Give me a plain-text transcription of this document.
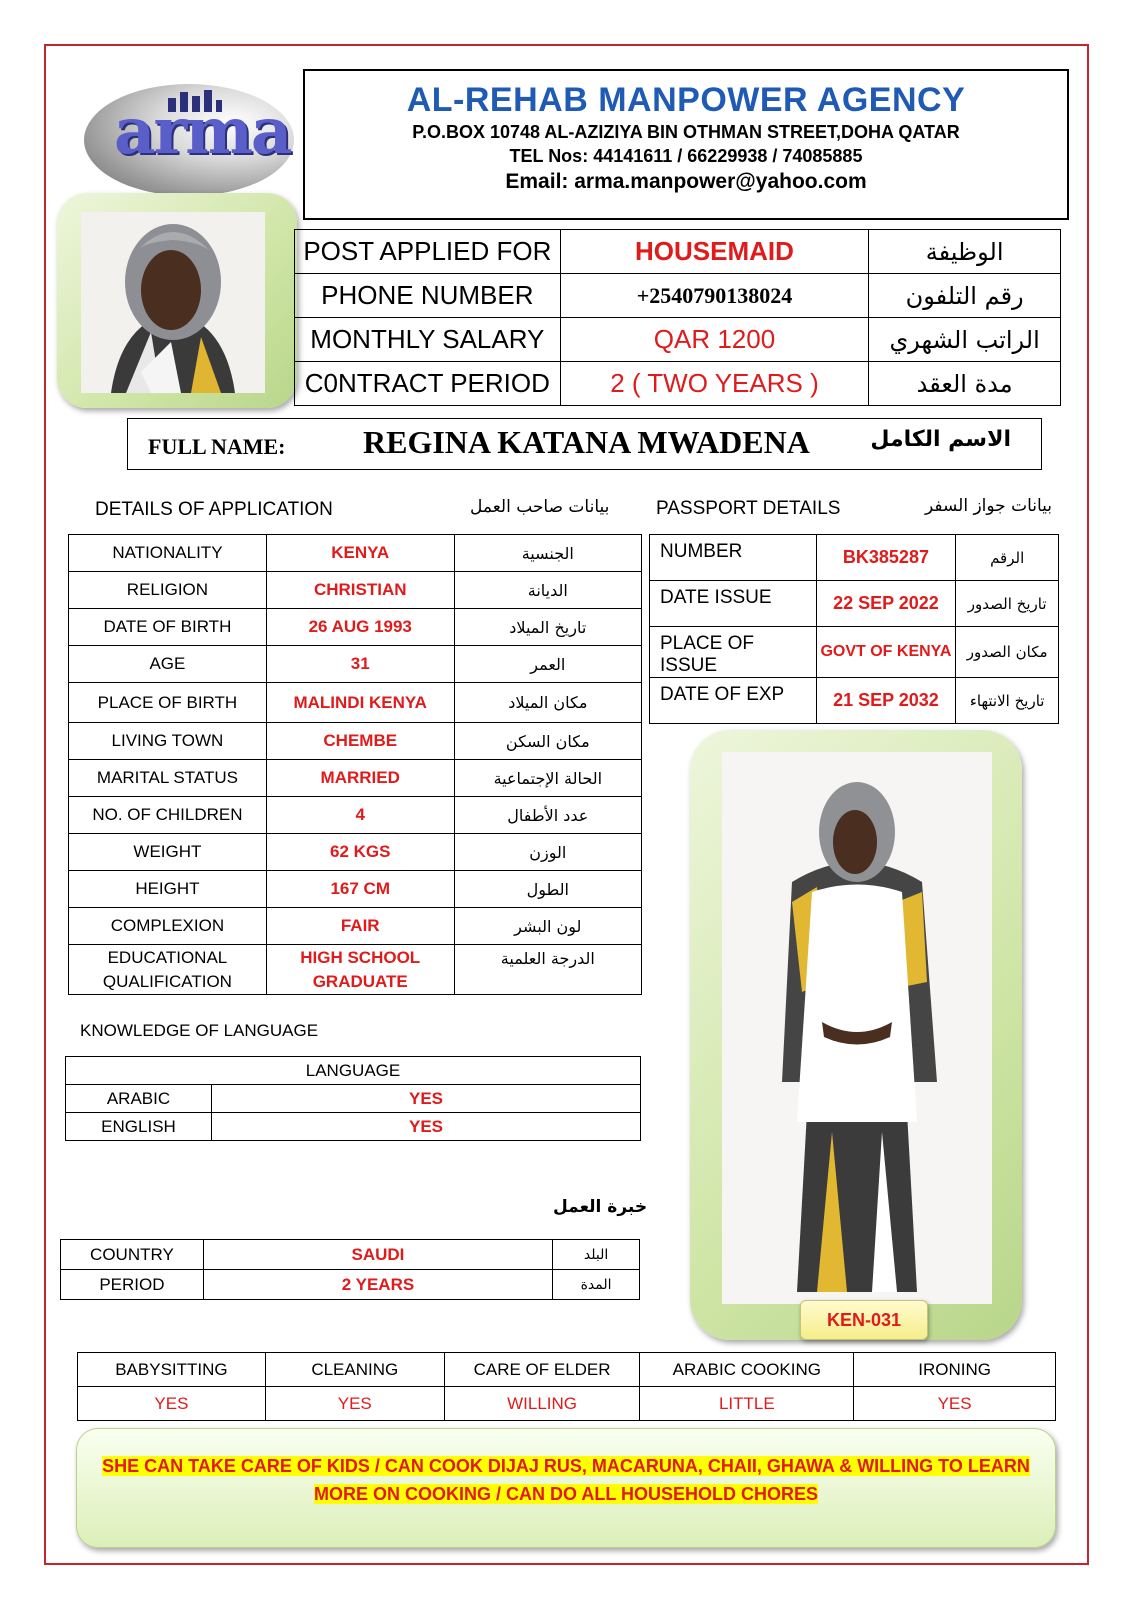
arma	AL-REHAB MANPOWER AGENCY
P.O.BOX 10748 AL-AZIZIYA BIN OTHMAN STREET,DOHA QATAR
TEL Nos: 44141611 / 66229938 / 74085885
Email: arma.manpower@yahoo.com
POST APPLIED FOR	HOUSEMAID	الوظيفة
PHONE NUMBER	+2540790138024	رقم التلفون
MONTHLY SALARY	QAR 1200	الراتب الشهري
C0NTRACT PERIOD	2 ( TWO YEARS )	مدة العقد
FULL NAME: REGINA KATANA MWADENA	الاسم الكامل
DETAILS OF APPLICATION	بيانات صاحب العمل PASSPORT DETAILS	بيانات جواز السفر
NATIONALITY	KENYA	الجنسية
RELIGION	CHRISTIAN	الديانة
DATE OF BIRTH	26 AUG 1993	تاريخ الميلاد
AGE	31	العمر
PLACE OF BIRTH	MALINDI KENYA	مكان الميلاد
LIVING TOWN	CHEMBE	مكان السكن
MARITAL STATUS	MARRIED	الحالة الإجتماعية
NO. OF CHILDREN	4	عدد الأطفال
WEIGHT	62 KGS	الوزن
HEIGHT	167 CM	الطول
COMPLEXION	FAIR	لون البشر
EDUCATIONAL QUALIFICATION	HIGH SCHOOL GRADUATE	الدرجة العلمية
NUMBER	BK385287	الرقم
DATE ISSUE	22 SEP 2022	تاريخ الصدور
PLACE OF ISSUE	GOVT OF KENYA	مكان الصدور
DATE OF EXP	21 SEP 2032	تاريخ الانتهاء
KEN-031
KNOWLEDGE OF LANGUAGE
LANGUAGE	
ARABIC	YES
ENGLISH	YES
خبرة العمل
COUNTRY	SAUDI	البلد
PERIOD	2 YEARS	المدة
BABYSITTING	CLEANING	CARE OF ELDER	ARABIC COOKING	IRONING
YES	YES	WILLING	LITTLE	YES
SHE CAN TAKE CARE OF KIDS / CAN COOK DIJAJ RUS, MACARUNA, CHAII, GHAWA & WILLING TO LEARN MORE ON COOKING / CAN DO ALL HOUSEHOLD CHORES
